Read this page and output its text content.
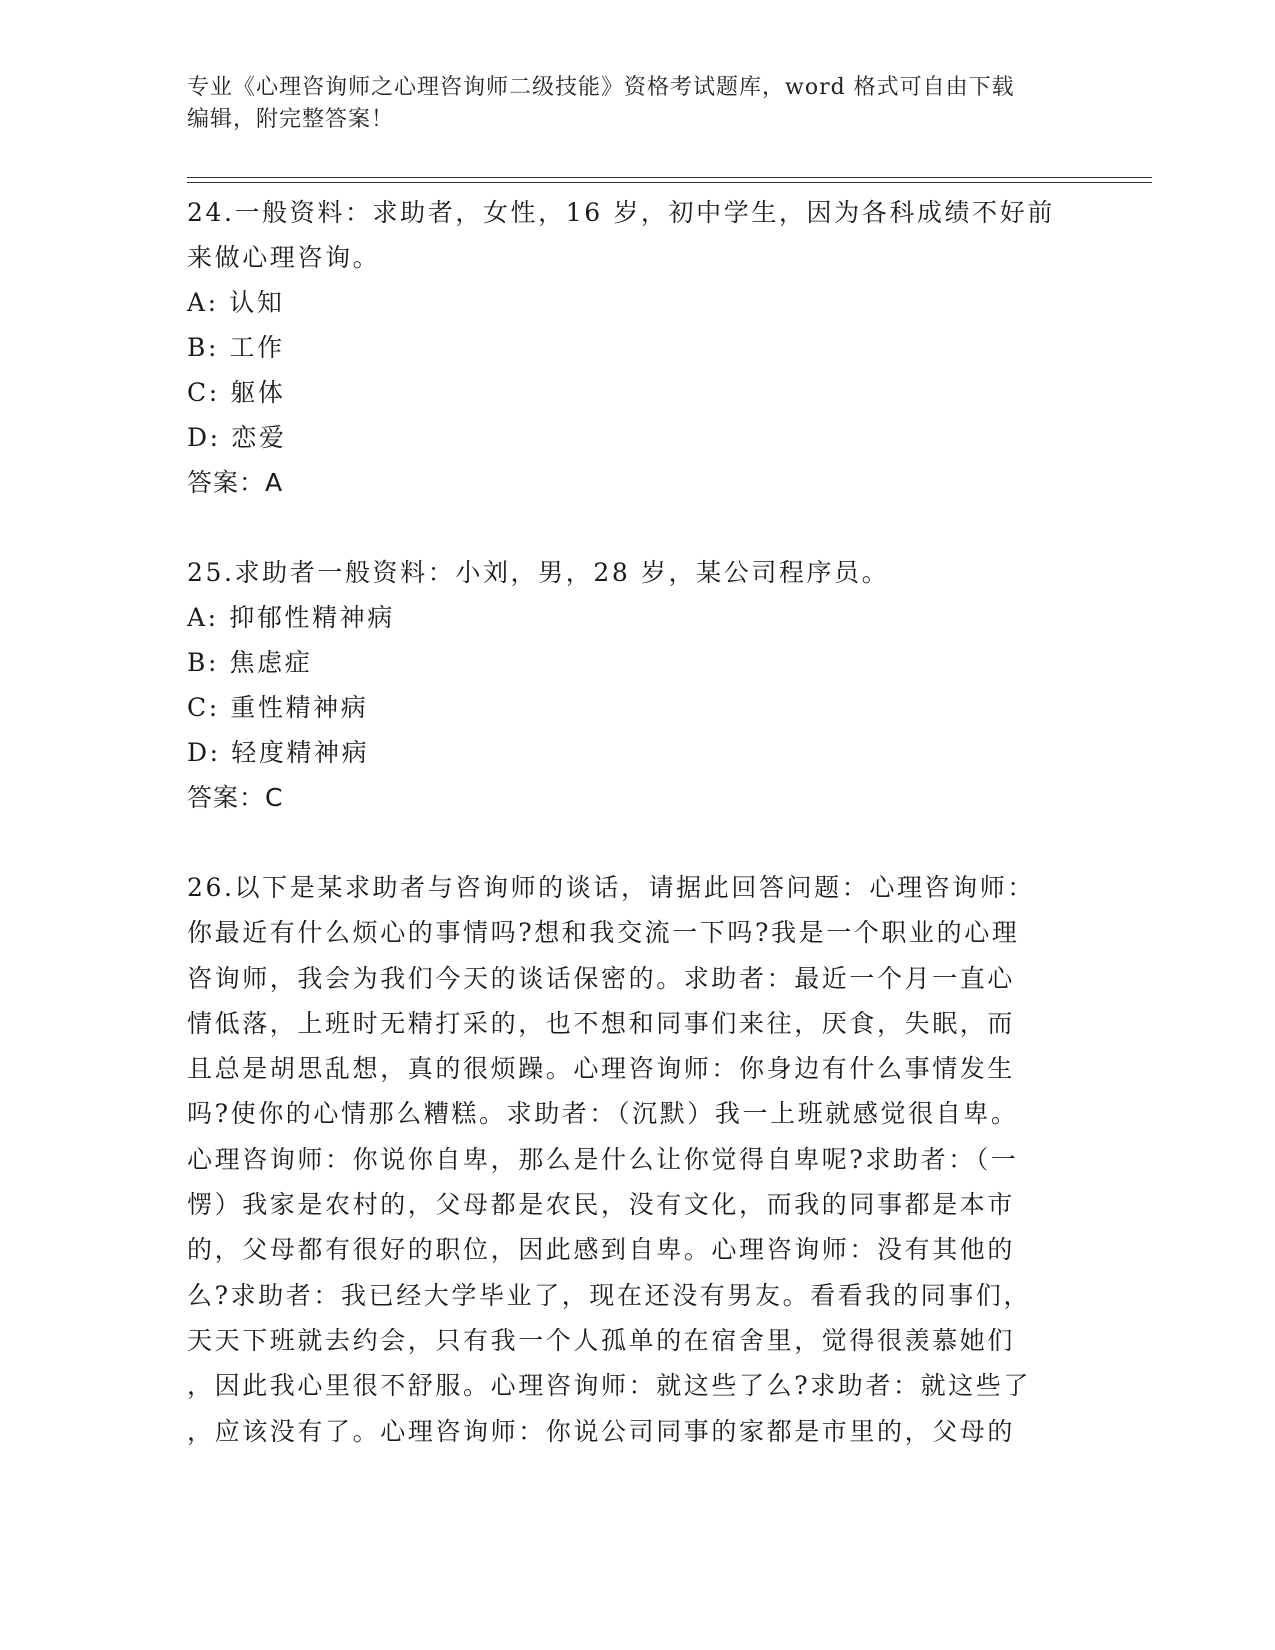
专业《心理咨询师之心理咨询师二级技能》资格考试题库，word 格式可自由下载
编辑，附完整答案！

24.一般资料：求助者，女性，16 岁，初中学生，因为各科成绩不好前

来做心理咨询。

A: 认知

B: 工作

C: 躯体

D: 恋爱

答案：A

25.求助者一般资料：小刘，男，28 岁，某公司程序员。

A: 抑郁性精神病

B: 焦虑症

C: 重性精神病

D: 轻度精神病

答案：C

26.以下是某求助者与咨询师的谈话，请据此回答问题：心理咨询师：

你最近有什么烦心的事情吗?想和我交流一下吗?我是一个职业的心理

咨询师，我会为我们今天的谈话保密的。求助者：最近一个月一直心

情低落，上班时无精打采的，也不想和同事们来往，厌食，失眠，而

且总是胡思乱想，真的很烦躁。心理咨询师：你身边有什么事情发生

吗?使你的心情那么糟糕。求助者：（沉默）我一上班就感觉很自卑。

心理咨询师：你说你自卑，那么是什么让你觉得自卑呢?求助者：（一

愣）我家是农村的，父母都是农民，没有文化，而我的同事都是本市

的，父母都有很好的职位，因此感到自卑。心理咨询师：没有其他的

么?求助者：我已经大学毕业了，现在还没有男友。看看我的同事们，

天天下班就去约会，只有我一个人孤单的在宿舍里，觉得很羡慕她们

，因此我心里很不舒服。心理咨询师：就这些了么?求助者：就这些了

，应该没有了。心理咨询师：你说公司同事的家都是市里的，父母的
